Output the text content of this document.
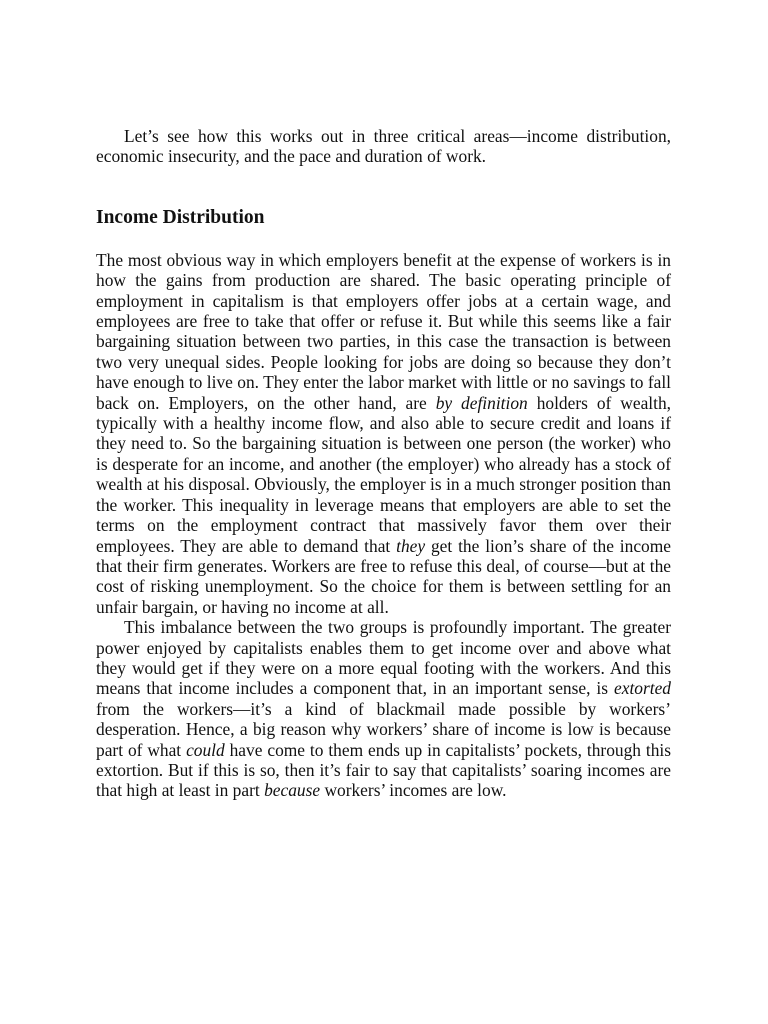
Let’s see how this works out in three critical areas—income distribution, economic insecurity, and the pace and duration of work.

Income Distribution

The most obvious way in which employers benefit at the expense of workers is in how the gains from production are shared. The basic operating principle of employment in capitalism is that employers offer jobs at a certain wage, and employees are free to take that offer or refuse it. But while this seems like a fair bargaining situation between two parties, in this case the transaction is between two very unequal sides. People looking for jobs are doing so because they don’t have enough to live on. They enter the labor market with little or no savings to fall back on. Employers, on the other hand, are by definition holders of wealth, typically with a healthy income flow, and also able to secure credit and loans if they need to. So the bargaining situation is between one person (the worker) who is desperate for an income, and another (the employer) who already has a stock of wealth at his disposal. Obviously, the employer is in a much stronger position than the worker. This inequality in leverage means that employers are able to set the terms on the employment contract that massively favor them over their employees. They are able to demand that they get the lion’s share of the income that their firm generates. Workers are free to refuse this deal, of course—but at the cost of risking unemployment. So the choice for them is between settling for an unfair bargain, or having no income at all.

This imbalance between the two groups is profoundly important. The greater power enjoyed by capitalists enables them to get income over and above what they would get if they were on a more equal footing with the workers. And this means that income includes a component that, in an important sense, is extorted from the workers—it’s a kind of blackmail made possible by workers’ desperation. Hence, a big reason why workers’ share of income is low is because part of what could have come to them ends up in capitalists’ pockets, through this extortion. But if this is so, then it’s fair to say that capitalists’ soaring incomes are that high at least in part because workers’ incomes are low.
